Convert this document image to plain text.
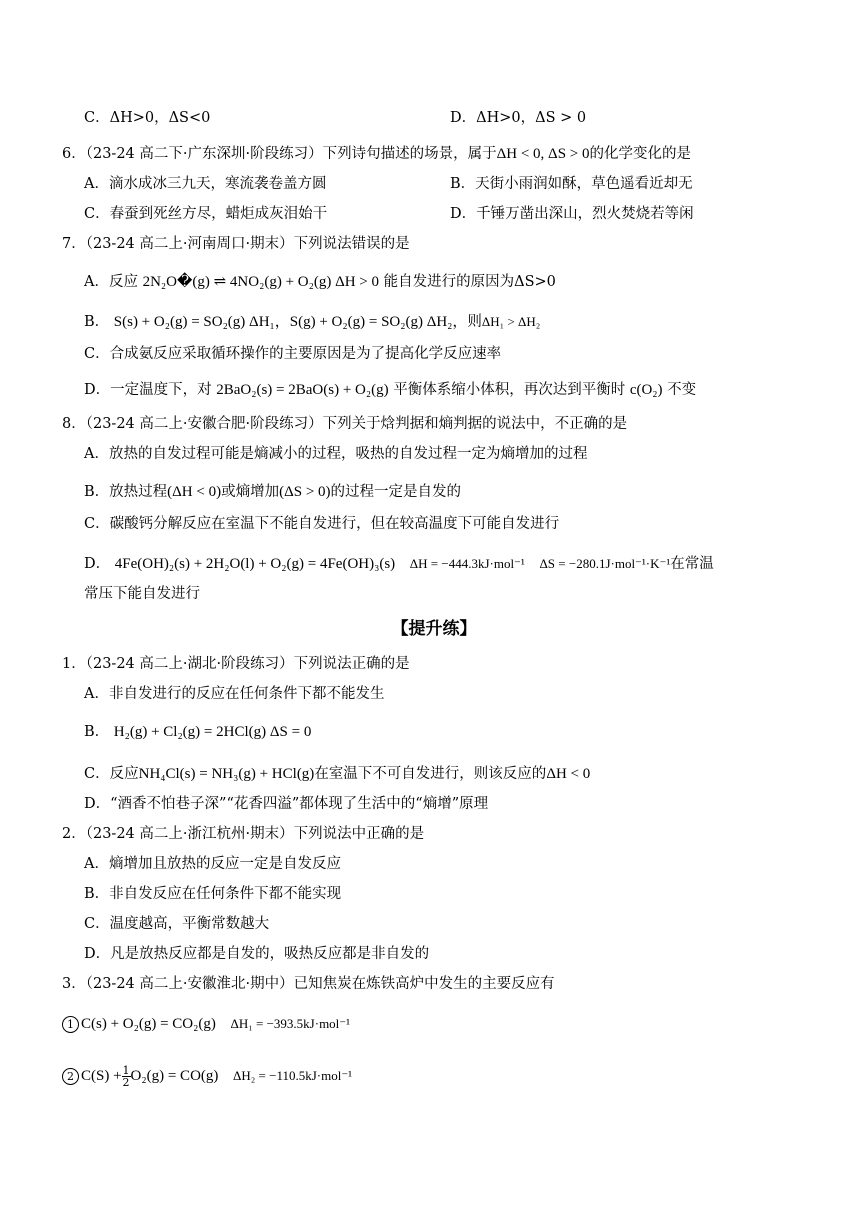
C．ΔH>0，ΔS<0	D．ΔH>0，ΔS > 0
6．（23-24 高二下·广东深圳·阶段练习）下列诗句描述的场景，属于ΔH < 0, ΔS > 0的化学变化的是
A．滴水成冰三九天，寒流袭卷盖方圆	B．天街小雨润如酥，草色遥看近却无
C．春蚕到死丝方尽，蜡炬成灰泪始干	D．千锤万凿出深山，烈火焚烧若等闲
7．（23-24 高二上·河南周口·期末）下列说法错误的是
A．反应 2N₂O�(g) ⇌ 4NO₂(g) + O₂(g) ΔH > 0 能自发进行的原因为ΔS>0
B． S(s) + O₂(g) = SO₂(g) ΔH₁，S(g) + O₂(g) = SO₂(g) ΔH₂，则ΔH₁ > ΔH₂
C．合成氨反应采取循环操作的主要原因是为了提高化学反应速率
D．一定温度下，对 2BaO₂(s) = 2BaO(s) + O₂(g) 平衡体系缩小体积，再次达到平衡时 c(O₂) 不变
8．（23-24 高二上·安徽合肥·阶段练习）下列关于焓判据和熵判据的说法中，不正确的是
A．放热的自发过程可能是熵减小的过程，吸热的自发过程一定为熵增加的过程
B．放热过程(ΔH < 0)或熵增加(ΔS > 0)的过程一定是自发的
C．碳酸钙分解反应在室温下不能自发进行，但在较高温度下可能自发进行
D． 4Fe(OH)₂(s) + 2H₂O(l) + O₂(g) = 4Fe(OH)₃(s) ΔH = −444.3kJ·mol⁻¹ ΔS = −280.1J·mol⁻¹·K⁻¹在常温
常压下能自发进行
【提升练】
1．（23-24 高二上·湖北·阶段练习）下列说法正确的是
A．非自发进行的反应在任何条件下都不能发生
B． H₂(g) + Cl₂(g) = 2HCl(g) ΔS = 0
C．反应NH₄Cl(s) = NH₃(g) + HCl(g)在室温下不可自发进行，则该反应的ΔH < 0
D．“酒香不怕巷子深”“花香四溢”都体现了生活中的“熵增”原理
2．（23-24 高二上·浙江杭州·期末）下列说法中正确的是
A．熵增加且放热的反应一定是自发反应
B．非自发反应在任何条件下都不能实现
C．温度越高，平衡常数越大
D．凡是放热反应都是自发的，吸热反应都是非自发的
3．（23-24 高二上·安徽淮北·期中）已知焦炭在炼铁高炉中发生的主要反应有
1 C(s) + O₂(g) = CO₂(g) ΔH₁ = −393.5kJ·mol⁻¹
2 $C(S) + \frac{1}{2} O_2(g) = CO(g) \Delta H_2 = -110.5kJ\cdot mol^{-1}$
